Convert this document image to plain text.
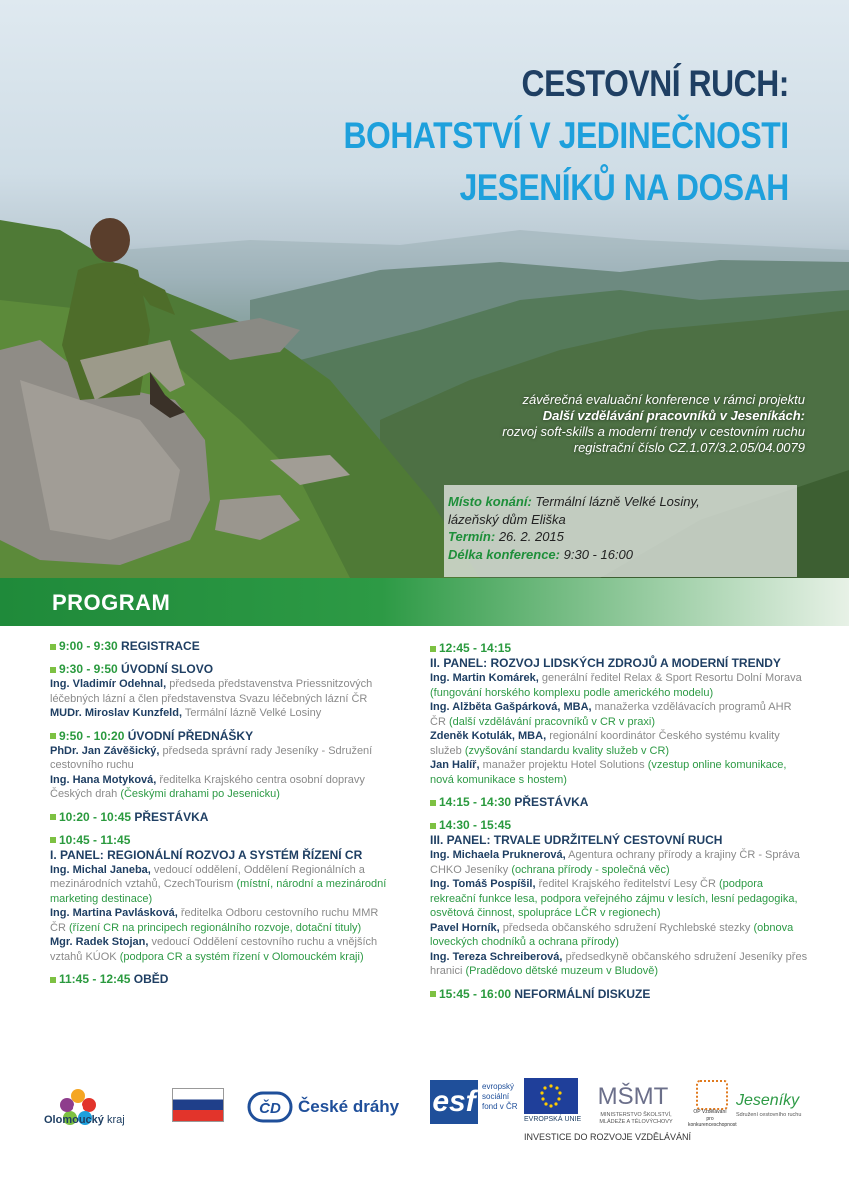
CESTOVNÍ RUCH:
BOHATSTVÍ V JEDINEČNOSTI
JESENÍKŮ NA DOSAH
závěrečná evaluační konference v rámci projektu
Další vzdělávání pracovníků v Jeseníkách:
rozvoj soft-skills a moderní trendy v cestovním ruchu
registrační číslo CZ.1.07/3.2.05/04.0079
Místo konání: Termální lázně Velké Losiny,
lázeňský dům Eliška
Termín: 26. 2. 2015
Délka konference: 9:30 - 16:00
PROGRAM
9:00 - 9:30 REGISTRACE
9:30 - 9:50 ÚVODNÍ SLOVO
Ing. Vladimír Odehnal, předseda představenstva Priessnitzových léčebných lázní a člen představenstva Svazu léčebných lázní ČR
MUDr. Miroslav Kunzfeld, Termální lázně Velké Losiny
9:50 - 10:20 ÚVODNÍ PŘEDNÁŠKY
PhDr. Jan Závěšický, předseda správní rady Jeseníky - Sdružení cestovního ruchu
Ing. Hana Motyková, ředitelka Krajského centra osobní dopravy Českých drah (Českými drahami po Jesenicku)
10:20 - 10:45 PŘESTÁVKA
10:45 - 11:45
I. PANEL: REGIONÁLNÍ ROZVOJ A SYSTÉM ŘÍZENÍ CR
Ing. Michal Janeba, vedoucí oddělení, Oddělení Regionálních a mezinárodních vztahů, CzechTourism (místní, národní a mezinárodní marketing destinace)
Ing. Martina Pavlásková, ředitelka Odboru cestovního ruchu MMR ČR (řízení CR na principech regionálního rozvoje, dotační tituly)
Mgr. Radek Stojan, vedoucí Oddělení cestovního ruchu a vnějších vztahů KÚOK (podpora CR a systém řízení v Olomouckém kraji)
11:45 - 12:45 OBĚD
12:45 - 14:15
II. PANEL: ROZVOJ LIDSKÝCH ZDROJŮ A MODERNÍ TRENDY
Ing. Martin Komárek, generální ředitel Relax & Sport Resortu Dolní Morava (fungování horského komplexu podle amerického modelu)
Ing. Alžběta Gašpárková, MBA, manažerka vzdělávacích programů AHR ČR (další vzdělávání pracovníků v CR v praxi)
Zdeněk Kotulák, MBA, regionální koordinátor Českého systému kvality služeb (zvyšování standardu kvality služeb v CR)
Jan Halíř, manažer projektu Hotel Solutions (vzestup online komunikace, nová komunikace s hostem)
14:15 - 14:30 PŘESTÁVKA
14:30 - 15:45
III. PANEL: TRVALE UDRŽITELNÝ CESTOVNÍ RUCH
Ing. Michaela Pruknerová, Agentura ochrany přírody a krajiny ČR - Správa CHKO Jeseníky (ochrana přírody - společná věc)
Ing. Tomáš Pospíšil, ředitel Krajského ředitelství Lesy ČR (podpora rekreační funkce lesa, podpora veřejného zájmu v lesích, lesní pedagogika, osvětová činnost, spolupráce LČR v regionech)
Pavel Horník, předseda občanského sdružení Rychlebské stezky (obnova loveckých chodníků a ochrana přírody)
Ing. Tereza Schreiberová, předsedkyně občanského sdružení Jeseníky přes hranici (Pradědovo dětské muzeum v Bludově)
15:45 - 16:00 NEFORMÁLNÍ DISKUZE
Olomoucký kraj
ČD České dráhy esf evropský
sociální
fond v ČR
EVROPSKÁ UNIE
MŠMT
MINISTERSTVO ŠKOLSTVÍ, MLÁDEŽE A TĚLOVÝCHOVY
OP Vzdělávání
pro konkurenceschopnost
Jeseníky
Sdružení cestovního ruchu
INVESTICE DO ROZVOJE VZDĚLÁVÁNÍ
